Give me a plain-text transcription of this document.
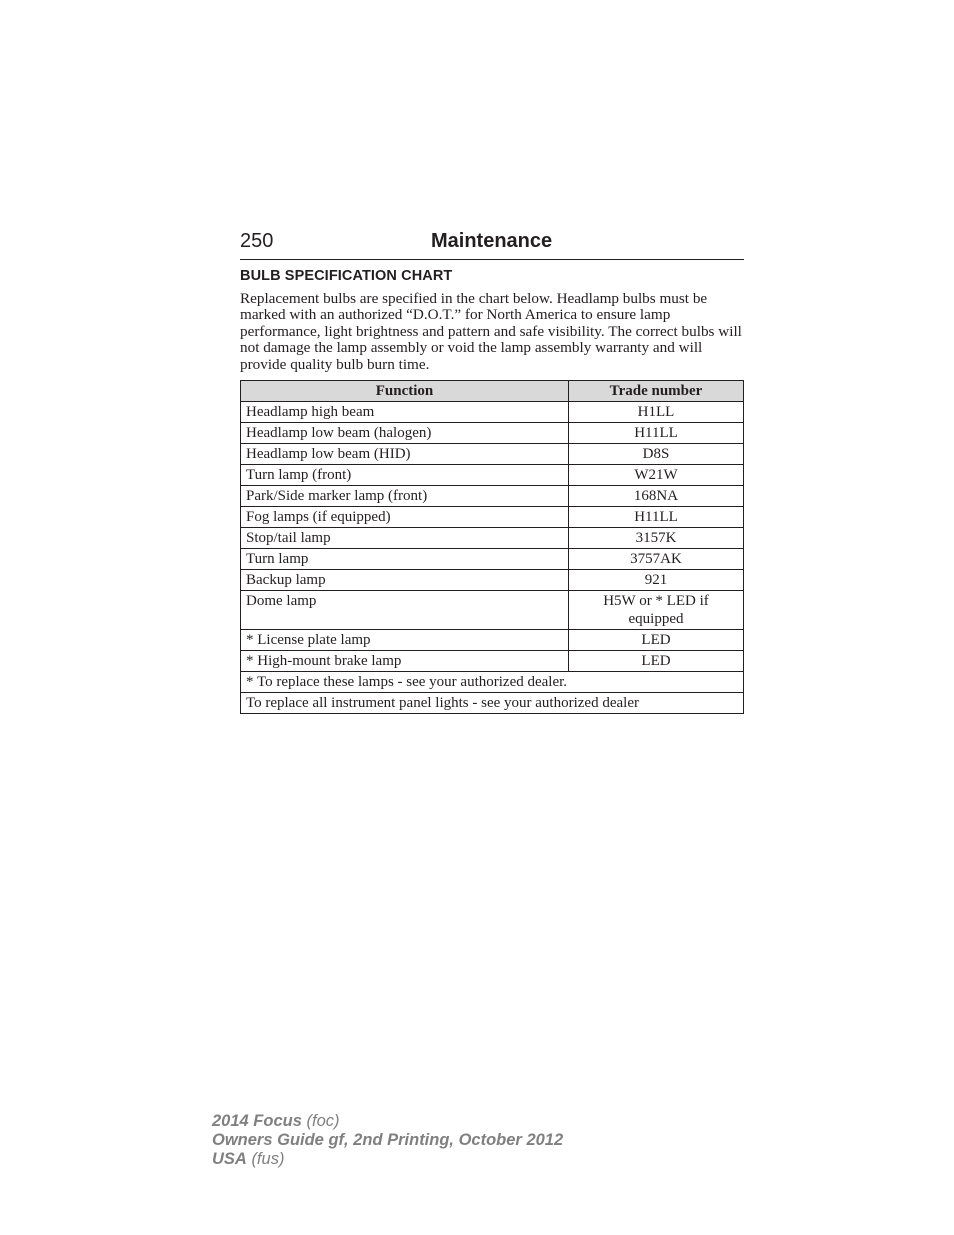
250	Maintenance
BULB SPECIFICATION CHART

Replacement bulbs are specified in the chart below. Headlamp bulbs must be marked with an authorized “D.O.T.” for North America to ensure lamp performance, light brightness and pattern and safe visibility. The correct bulbs will not damage the lamp assembly or void the lamp assembly warranty and will provide quality bulb burn time.

Function	Trade number
Headlamp high beam	H1LL
Headlamp low beam (halogen)	H11LL
Headlamp low beam (HID)	D8S
Turn lamp (front)	W21W
Park/Side marker lamp (front)	168NA
Fog lamps (if equipped)	H11LL
Stop/tail lamp	3157K
Turn lamp	3757AK
Backup lamp	921
Dome lamp	H5W or * LED if equipped
* License plate lamp	LED
* High-mount brake lamp	LED
* To replace these lamps - see your authorized dealer.	
To replace all instrument panel lights - see your authorized dealer	
2014 Focus (foc)
Owners Guide gf, 2nd Printing, October 2012
USA (fus)
